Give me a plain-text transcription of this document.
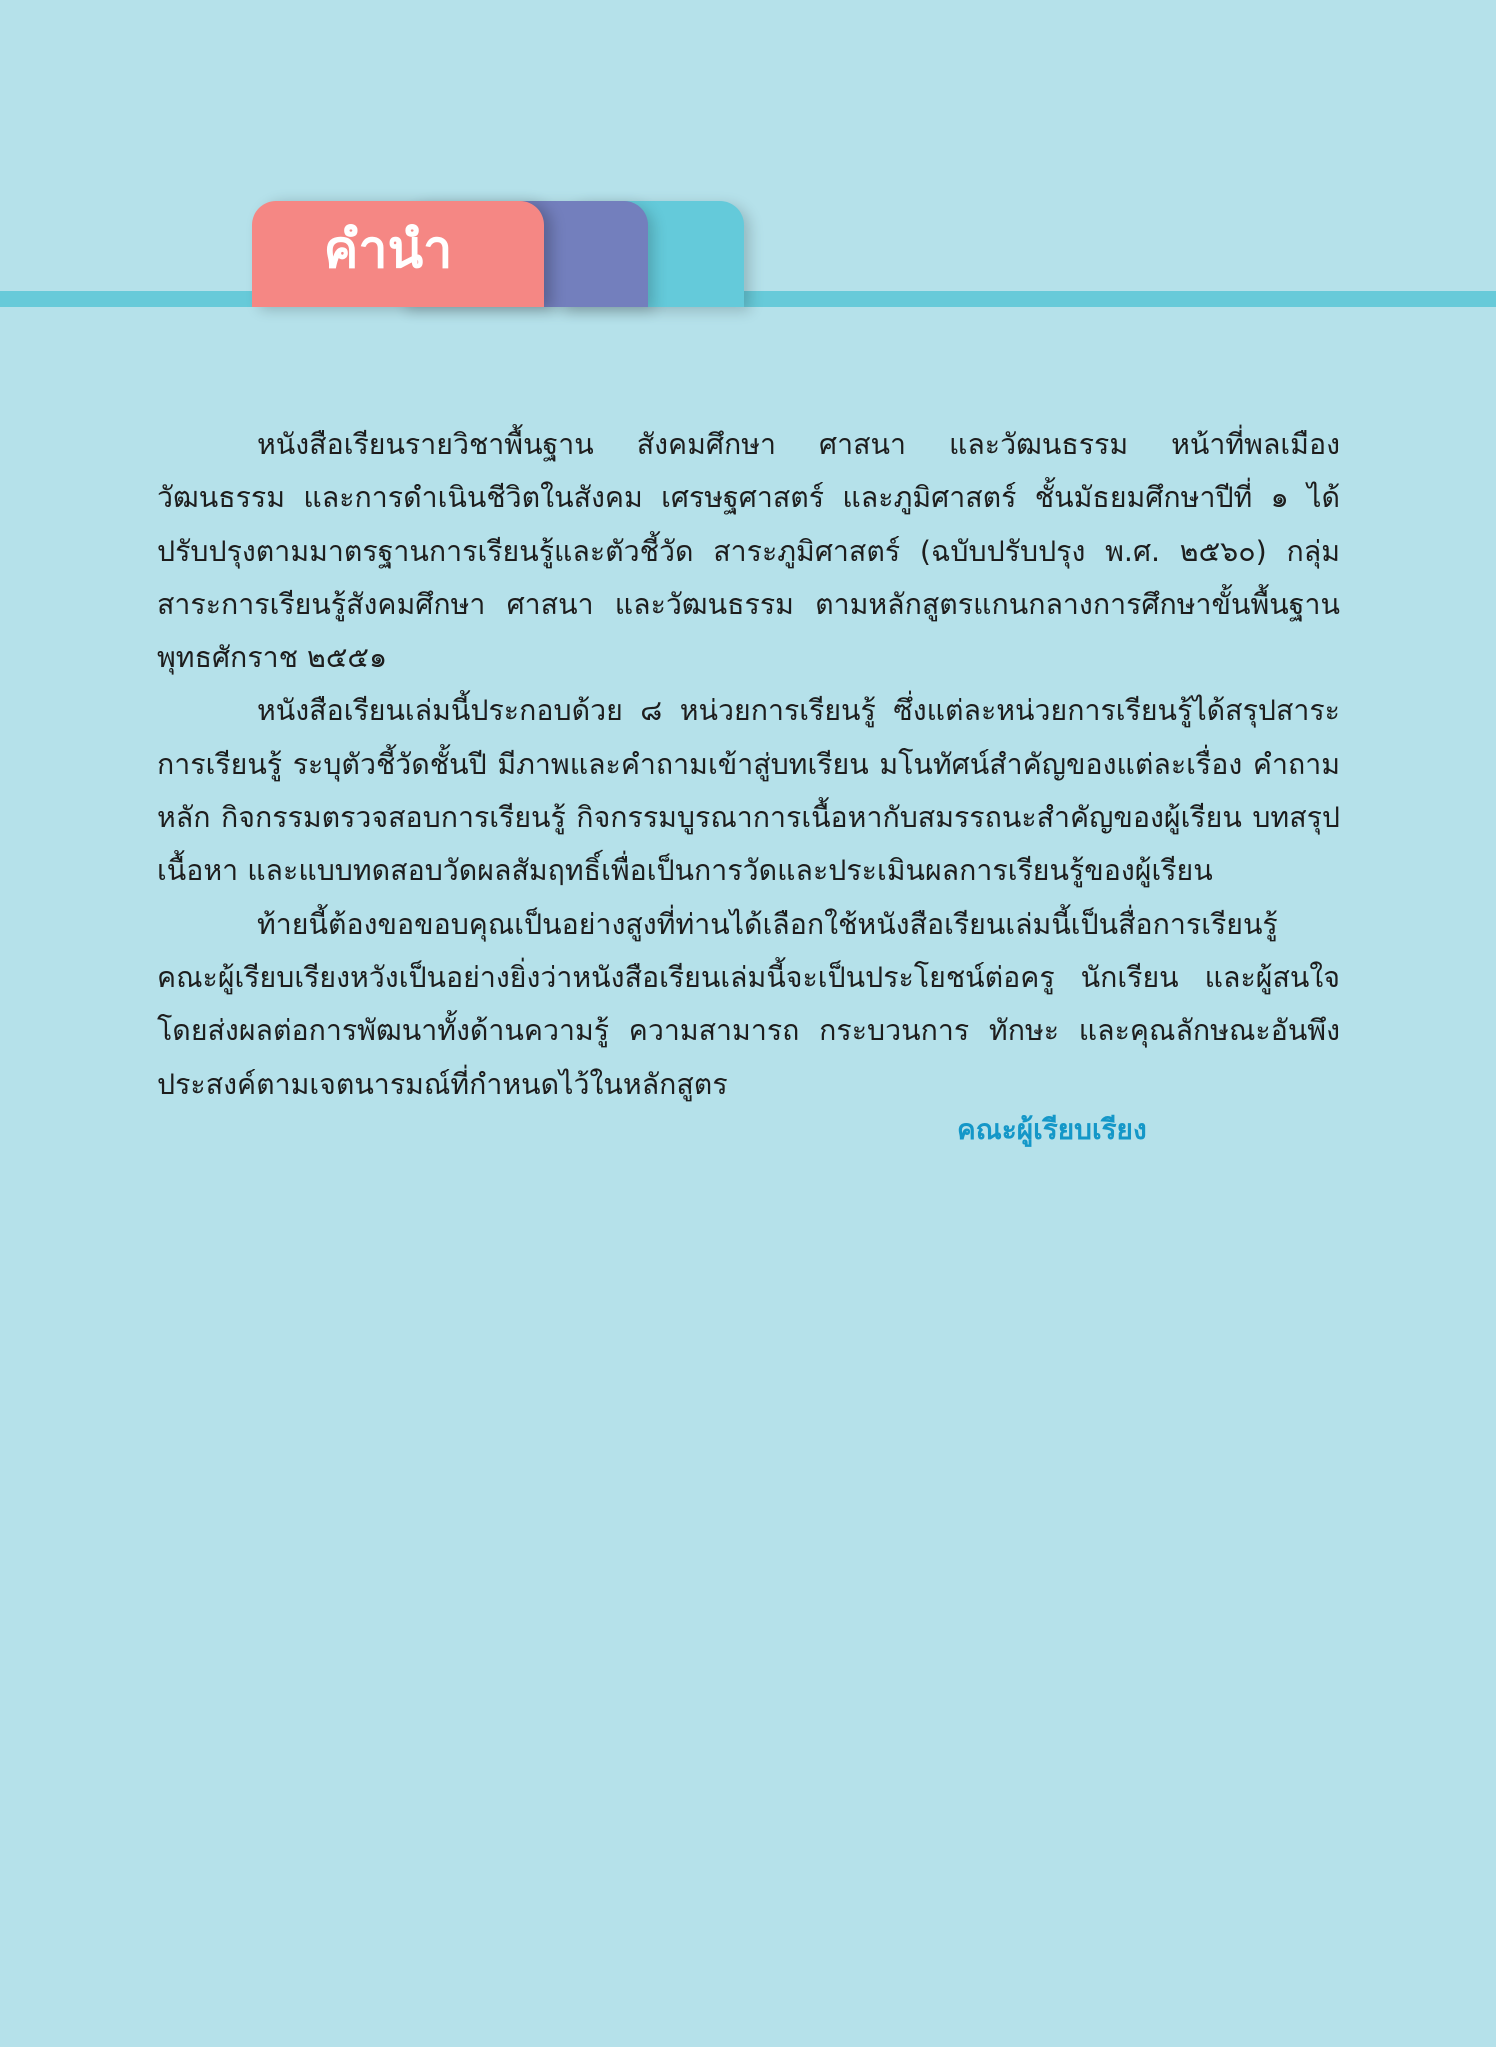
คำนำ

หนังสือเรียนรายวิชาพื้นฐาน สังคมศึกษา ศาสนา และวัฒนธรรม หน้าที่พลเมือง วัฒนธรรม และการดำเนินชีวิตในสังคม เศรษฐศาสตร์ และภูมิศาสตร์ ชั้นมัธยมศึกษาปีที่ ๑ ได้ปรับปรุงตามมาตรฐานการเรียนรู้และตัวชี้วัด สาระภูมิศาสตร์ (ฉบับปรับปรุง พ.ศ. ๒๕๖๐) กลุ่มสาระการเรียนรู้สังคมศึกษา ศาสนา และวัฒนธรรม ตามหลักสูตรแกนกลางการศึกษาขั้นพื้นฐาน พุทธศักราช ๒๕๕๑

หนังสือเรียนเล่มนี้ประกอบด้วย ๘ หน่วยการเรียนรู้ ซึ่งแต่ละหน่วยการเรียนรู้ได้สรุปสาระการเรียนรู้ ระบุตัวชี้วัดชั้นปี มีภาพและคำถามเข้าสู่บทเรียน มโนทัศน์สำคัญของแต่ละเรื่อง คำถามหลัก กิจกรรมตรวจสอบการเรียนรู้ กิจกรรมบูรณาการเนื้อหากับสมรรถนะสำคัญของผู้เรียน บทสรุปเนื้อหา และแบบทดสอบวัดผลสัมฤทธิ์เพื่อเป็นการวัดและประเมินผลการเรียนรู้ของผู้เรียน

ท้ายนี้ต้องขอขอบคุณเป็นอย่างสูงที่ท่านได้เลือกใช้หนังสือเรียนเล่มนี้เป็นสื่อการเรียนรู้ คณะผู้เรียบเรียงหวังเป็นอย่างยิ่งว่าหนังสือเรียนเล่มนี้จะเป็นประโยชน์ต่อครู นักเรียน และผู้สนใจ โดยส่งผลต่อการพัฒนาทั้งด้านความรู้ ความสามารถ กระบวนการ ทักษะ และคุณลักษณะอันพึงประสงค์ตามเจตนารมณ์ที่กำหนดไว้ในหลักสูตร

คณะผู้เรียบเรียง
